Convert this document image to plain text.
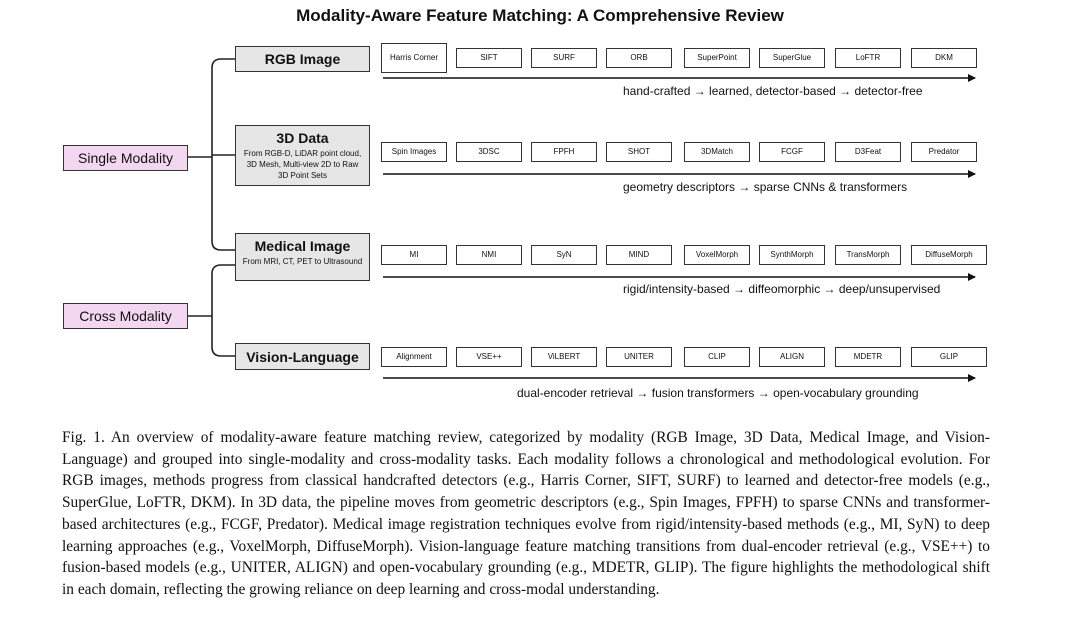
Modality-Aware Feature Matching: A Comprehensive Review
Single Modality
Cross Modality
RGB Image	Harris Corner	SIFT	SURF	ORB	SuperPoint	SuperGlue	LoFTR	DKM
hand-crafted → learned, detector-based → detector-free
3D Data
From RGB-D, LiDAR point cloud, 3D Mesh, Multi-view 2D to Raw 3D Point Sets
Spin Images	3DSC	FPFH	SHOT	3DMatch	FCGF	D3Feat	Predator
geometry descriptors → sparse CNNs & transformers
Medical Image
From MRI, CT, PET to Ultrasound
MI	NMI	SyN	MIND	VoxelMorph	SynthMorph	TransMorph	DiffuseMorph
rigid/intensity-based → diffeomorphic → deep/unsupervised
Vision-Language	Alignment	VSE++	ViLBERT	UNITER	CLIP	ALIGN	MDETR	GLIP
dual-encoder retrieval → fusion transformers → open-vocabulary grounding

Fig. 1. An overview of modality-aware feature matching review, categorized by modality (RGB Image, 3D Data, Medical Image, and Vision-Language) and grouped into single-modality and cross-modality tasks. Each modality follows a chronological and methodological evolution. For RGB images, methods progress from classical handcrafted detectors (e.g., Harris Corner, SIFT, SURF) to learned and detector-free models (e.g., SuperGlue, LoFTR, DKM). In 3D data, the pipeline moves from geometric descriptors (e.g., Spin Images, FPFH) to sparse CNNs and transformer-based architectures (e.g., FCGF, Predator). Medical image registration techniques evolve from rigid/intensity-based methods (e.g., MI, SyN) to deep learning approaches (e.g., VoxelMorph, DiffuseMorph). Vision-language feature matching transitions from dual-encoder retrieval (e.g., VSE++) to fusion-based models (e.g., UNITER, ALIGN) and open-vocabulary grounding (e.g., MDETR, GLIP). The figure highlights the methodological shift in each domain, reflecting the growing reliance on deep learning and cross-modal understanding.
